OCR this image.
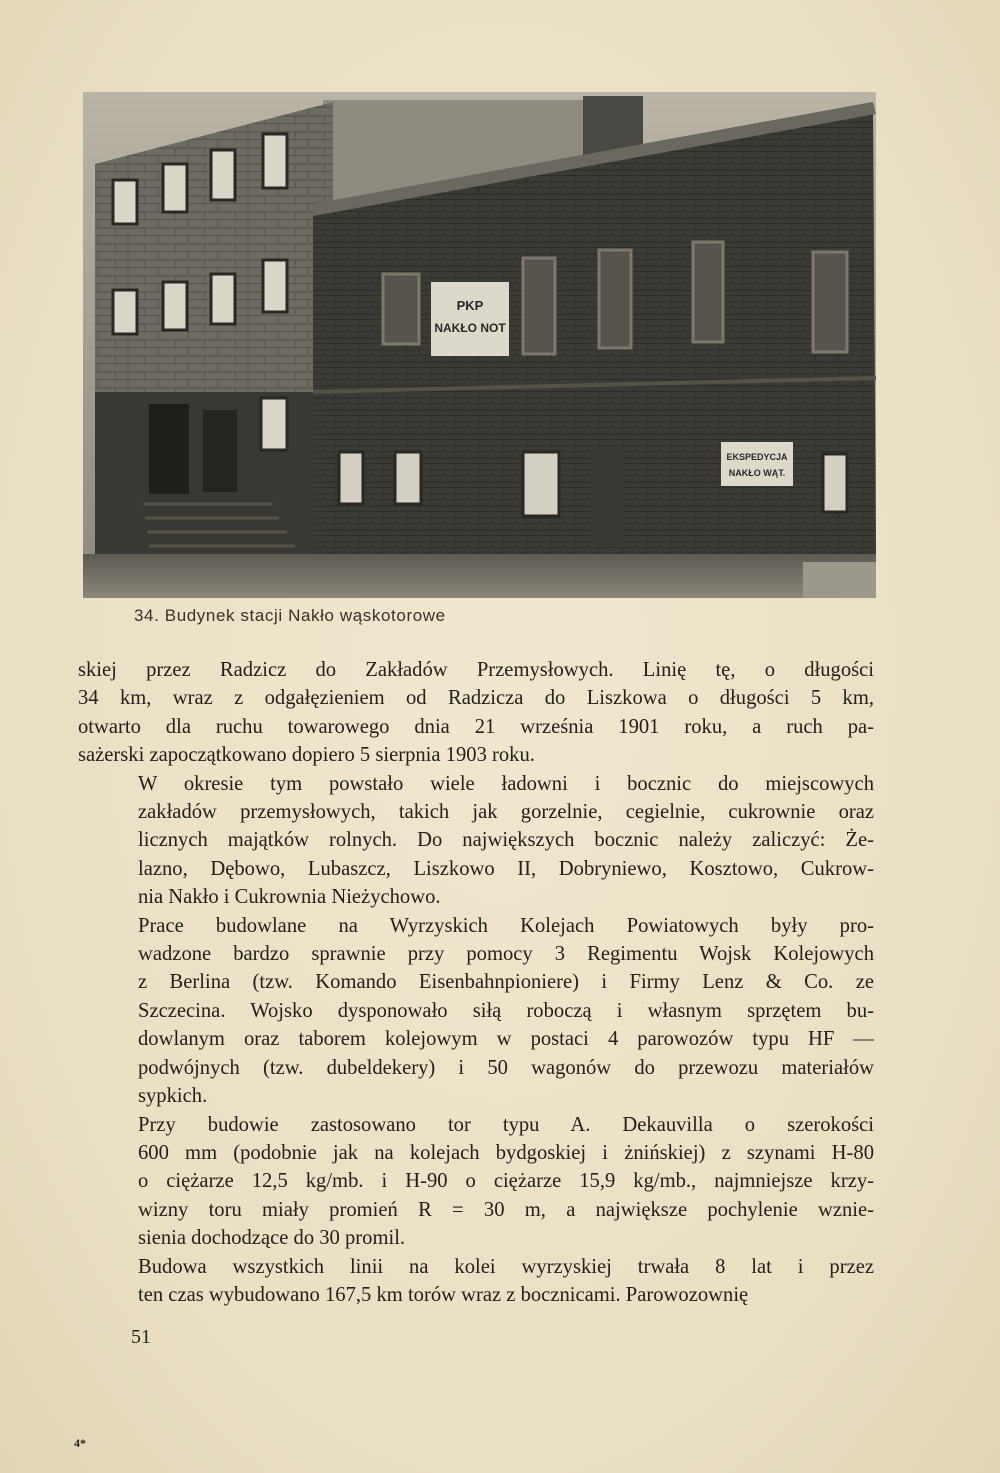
PKP
NAKŁO NOT
EKSPEDYCJA
NAKŁO WĄT.
34. Budynek stacji Nakło wąskotorowe

skiej przez Radzicz do Zakładów Przemysłowych. Linię tę, o długości
34 km, wraz z odgałęzieniem od Radzicza do Liszkowa o długości 5 km,
otwarto dla ruchu towarowego dnia 21 września 1901 roku, a ruch pa-
sażerski zapoczątkowano dopiero 5 sierpnia 1903 roku.

W okresie tym powstało wiele ładowni i bocznic do miejscowych
zakładów przemysłowych, takich jak gorzelnie, cegielnie, cukrownie oraz
licznych majątków rolnych. Do największych bocznic należy zaliczyć: Że-
lazno, Dębowo, Lubaszcz, Liszkowo II, Dobryniewo, Kosztowo, Cukrow-
nia Nakło i Cukrownia Nieżychowo.

Prace budowlane na Wyrzyskich Kolejach Powiatowych były pro-
wadzone bardzo sprawnie przy pomocy 3 Regimentu Wojsk Kolejowych
z Berlina (tzw. Komando Eisenbahnpioniere) i Firmy Lenz & Co. ze
Szczecina. Wojsko dysponowało siłą roboczą i własnym sprzętem bu-
dowlanym oraz taborem kolejowym w postaci 4 parowozów typu HF —
podwójnych (tzw. dubeldekery) i 50 wagonów do przewozu materiałów
sypkich.

Przy budowie zastosowano tor typu A. Dekauvilla o szerokości
600 mm (podobnie jak na kolejach bydgoskiej i żnińskiej) z szynami H-80
o ciężarze 12,5 kg/mb. i H-90 o ciężarze 15,9 kg/mb., najmniejsze krzy-
wizny toru miały promień R = 30 m, a największe pochylenie wznie-
sienia dochodzące do 30 promil.

Budowa wszystkich linii na kolei wyrzyskiej trwała 8 lat i przez
ten czas wybudowano 167,5 km torów wraz z bocznicami. Parowozownię

51
4*
